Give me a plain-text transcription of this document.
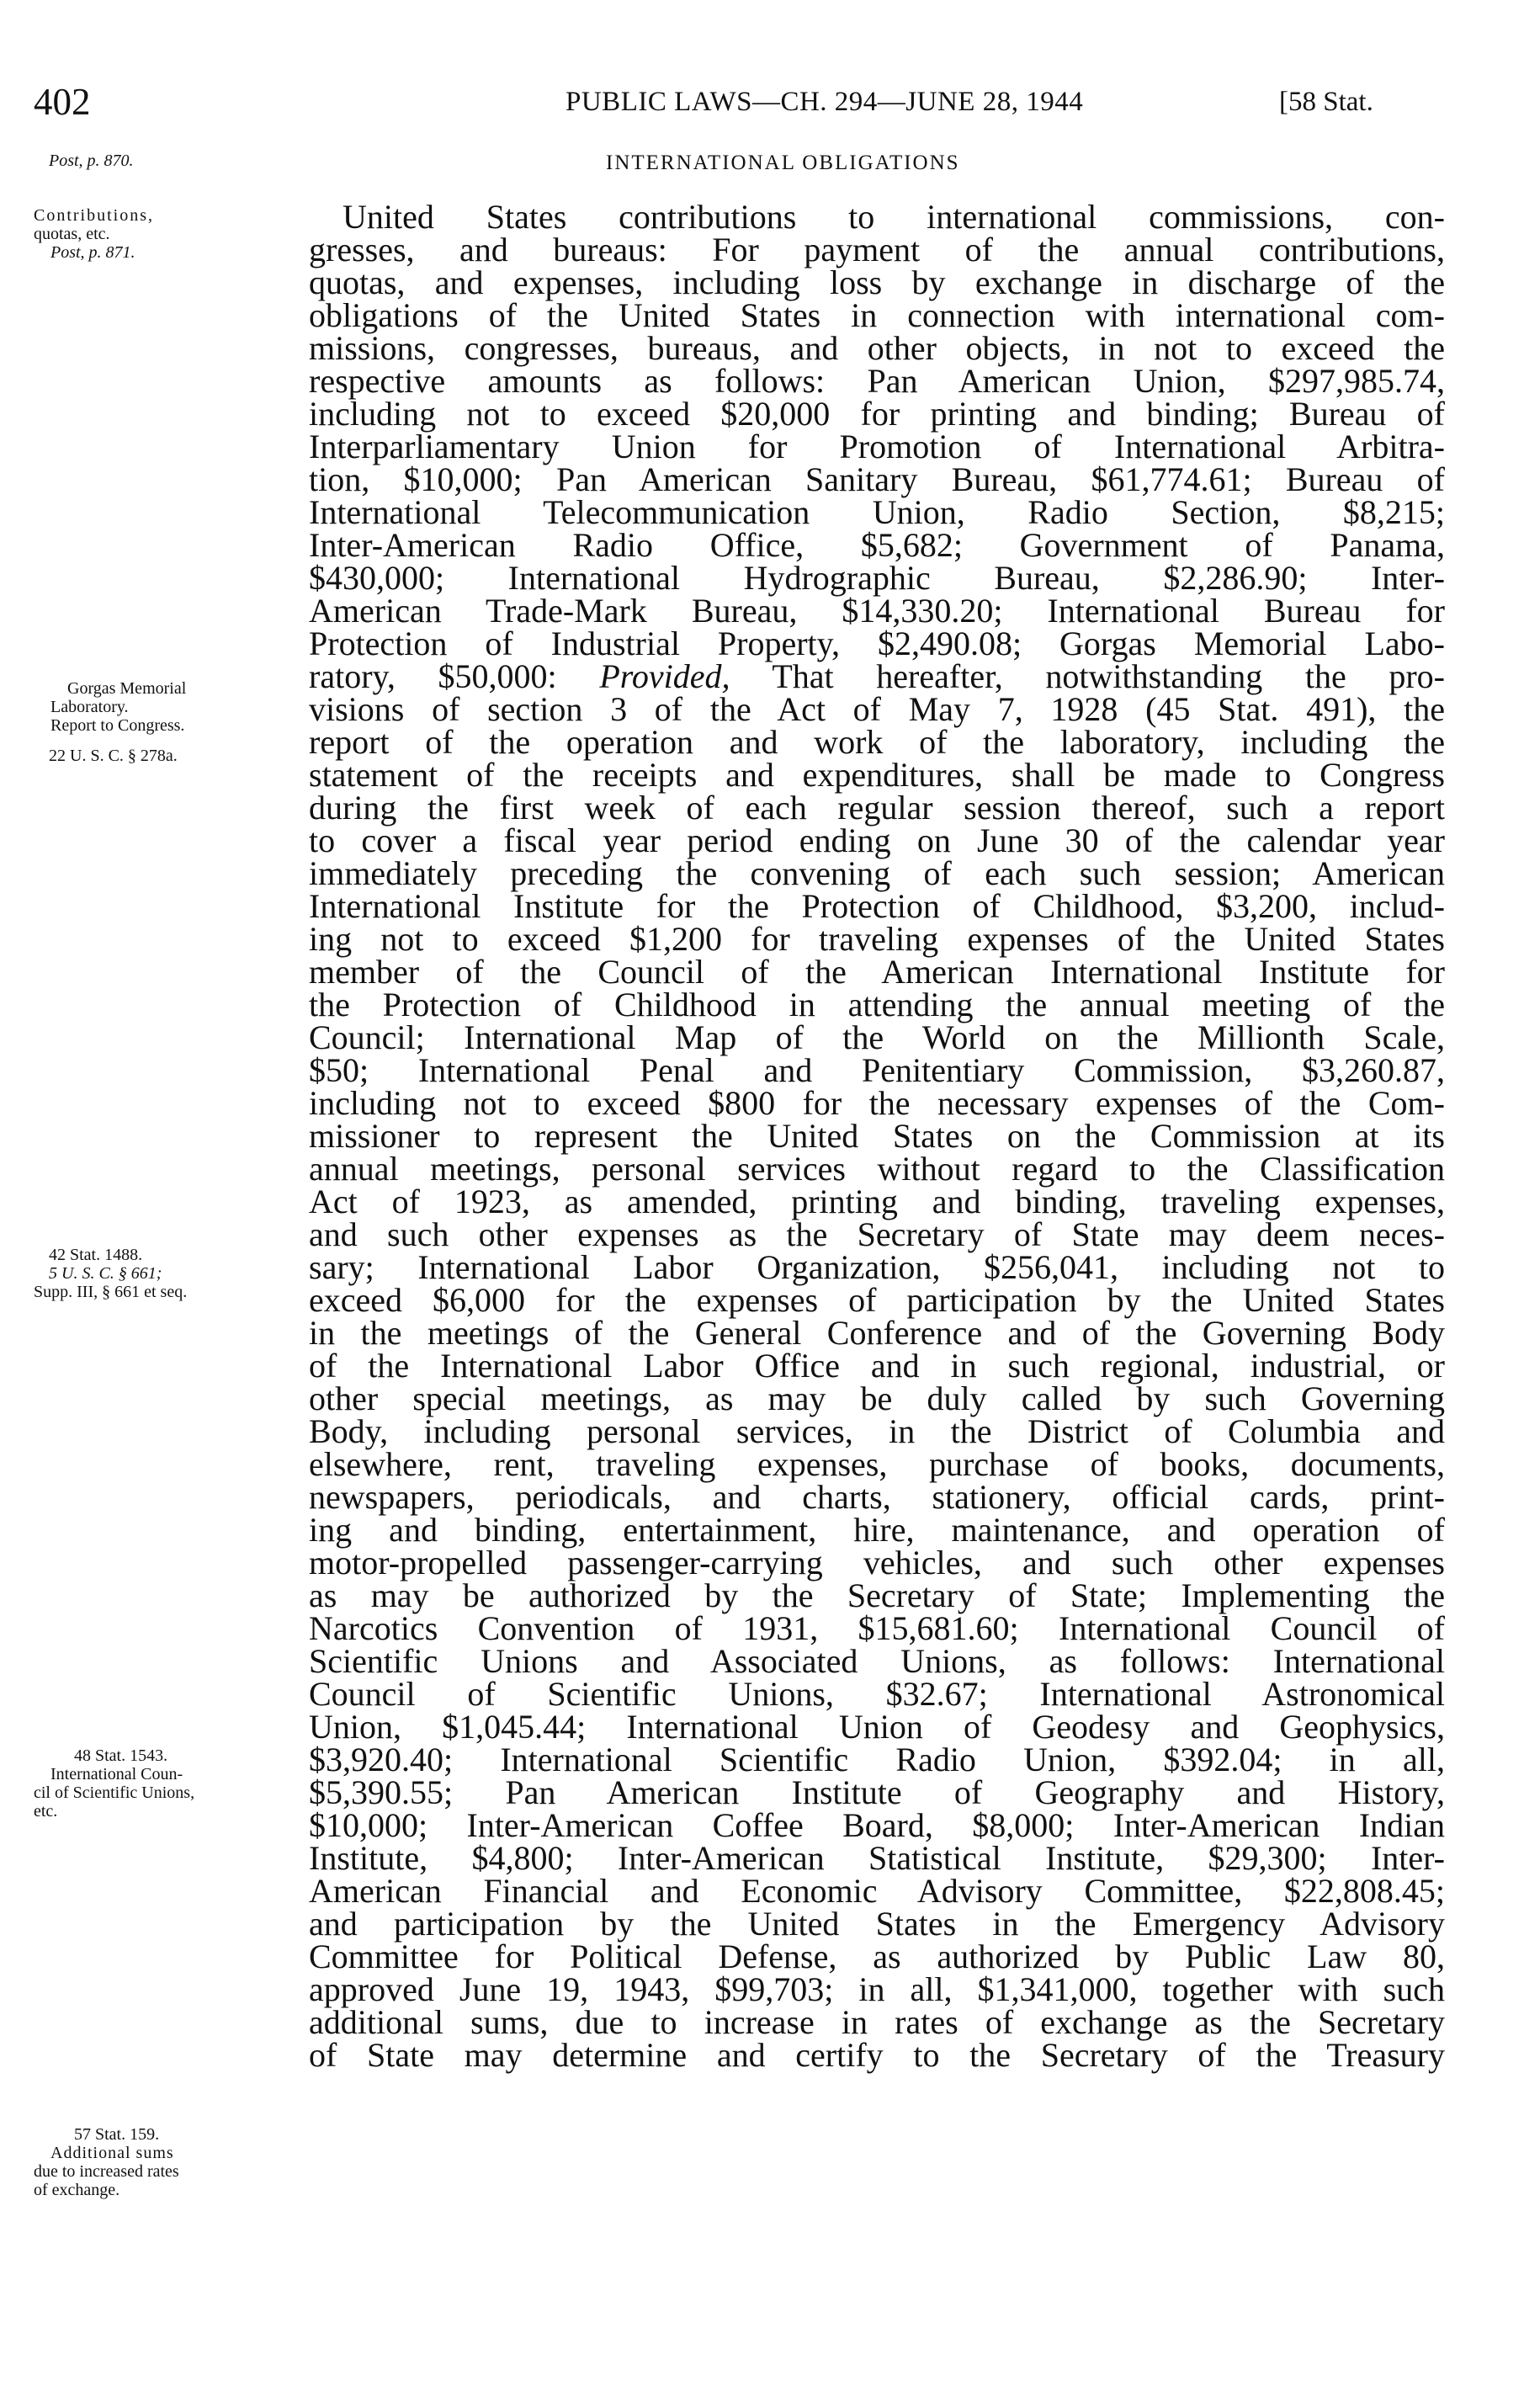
402	PUBLIC LAWS—CH. 294—JUNE 28, 1944	[58 Stat.
Post, p. 870.	INTERNATIONAL OBLIGATIONS
Contributions,
quotas, etc.
Post, p. 871.
Gorgas Memorial
Laboratory.
Report to Congress.
22 U. S. C. § 278a.
42 Stat. 1488.
5 U. S. C. § 661;
Supp. III, § 661 et seq.
48 Stat. 1543.
International Coun-
cil of Scientific Unions,
etc.
57 Stat. 159.
Additional sums
due to increased rates
of exchange.
United States contributions to international commissions, con-
gresses, and bureaus: For payment of the annual contributions,
quotas, and expenses, including loss by exchange in discharge of the
obligations of the United States in connection with international com-
missions, congresses, bureaus, and other objects, in not to exceed the
respective amounts as follows: Pan American Union, $297,985.74,
including not to exceed $20,000 for printing and binding; Bureau of
Interparliamentary Union for Promotion of International Arbitra-
tion, $10,000; Pan American Sanitary Bureau, $61,774.61; Bureau of
International Telecommunication Union, Radio Section, $8,215;
Inter-American Radio Office, $5,682; Government of Panama,
$430,000; International Hydrographic Bureau, $2,286.90; Inter-
American Trade-Mark Bureau, $14,330.20; International Bureau for
Protection of Industrial Property, $2,490.08; Gorgas Memorial Labo-
ratory, $50,000: Provided, That hereafter, notwithstanding the pro-
visions of section 3 of the Act of May 7, 1928 (45 Stat. 491), the
report of the operation and work of the laboratory, including the
statement of the receipts and expenditures, shall be made to Congress
during the first week of each regular session thereof, such a report
to cover a fiscal year period ending on June 30 of the calendar year
immediately preceding the convening of each such session; American
International Institute for the Protection of Childhood, $3,200, includ-
ing not to exceed $1,200 for traveling expenses of the United States
member of the Council of the American International Institute for
the Protection of Childhood in attending the annual meeting of the
Council; International Map of the World on the Millionth Scale,
$50; International Penal and Penitentiary Commission, $3,260.87,
including not to exceed $800 for the necessary expenses of the Com-
missioner to represent the United States on the Commission at its
annual meetings, personal services without regard to the Classification
Act of 1923, as amended, printing and binding, traveling expenses,
and such other expenses as the Secretary of State may deem neces-
sary; International Labor Organization, $256,041, including not to
exceed $6,000 for the expenses of participation by the United States
in the meetings of the General Conference and of the Governing Body
of the International Labor Office and in such regional, industrial, or
other special meetings, as may be duly called by such Governing
Body, including personal services, in the District of Columbia and
elsewhere, rent, traveling expenses, purchase of books, documents,
newspapers, periodicals, and charts, stationery, official cards, print-
ing and binding, entertainment, hire, maintenance, and operation of
motor-propelled passenger-carrying vehicles, and such other expenses
as may be authorized by the Secretary of State; Implementing the
Narcotics Convention of 1931, $15,681.60; International Council of
Scientific Unions and Associated Unions, as follows: International
Council of Scientific Unions, $32.67; International Astronomical
Union, $1,045.44; International Union of Geodesy and Geophysics,
$3,920.40; International Scientific Radio Union, $392.04; in all,
$5,390.55; Pan American Institute of Geography and History,
$10,000; Inter-American Coffee Board, $8,000; Inter-American Indian
Institute, $4,800; Inter-American Statistical Institute, $29,300; Inter-
American Financial and Economic Advisory Committee, $22,808.45;
and participation by the United States in the Emergency Advisory
Committee for Political Defense, as authorized by Public Law 80,
approved June 19, 1943, $99,703; in all, $1,341,000, together with such
additional sums, due to increase in rates of exchange as the Secretary
of State may determine and certify to the Secretary of the Treasury
